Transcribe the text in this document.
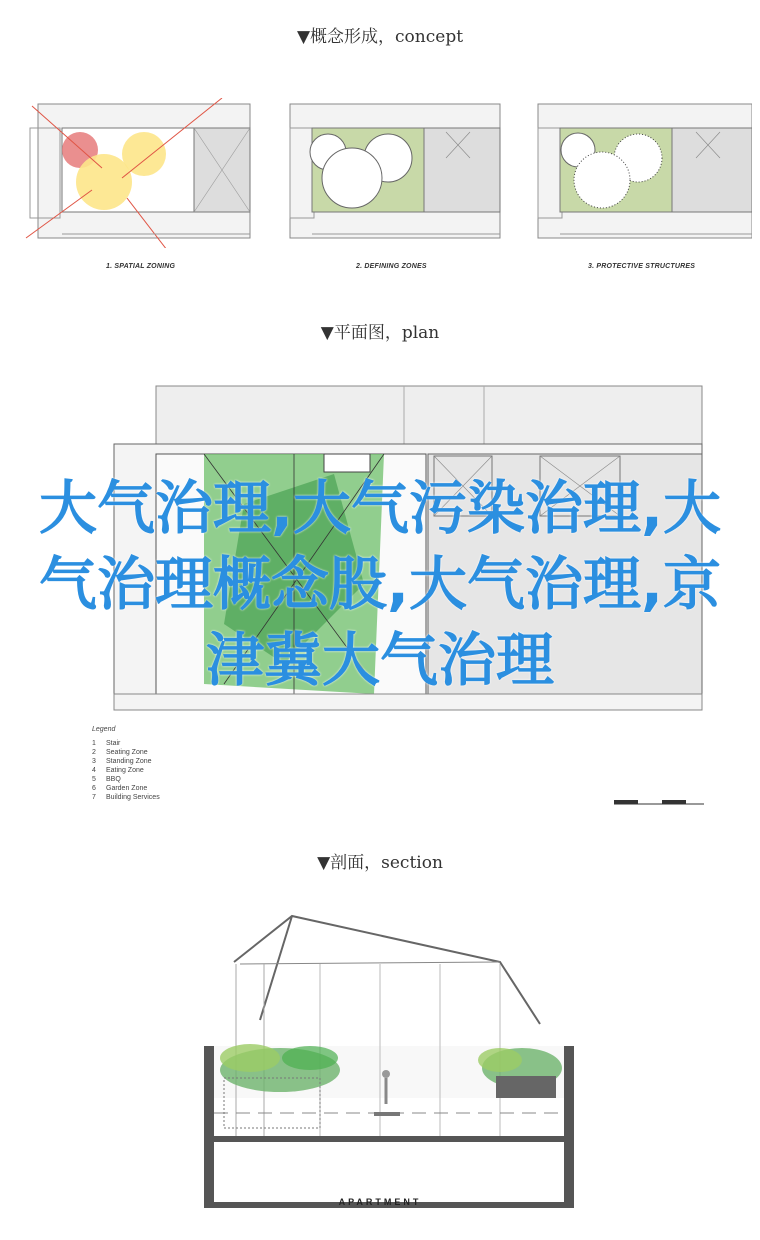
▼概念形成，concept
1. SPATIAL ZONING	2. DEFINING ZONES	3. PROTECTIVE STRUCTURES
▼平面图，plan
Legend
1 Stair
2 Seating Zone
3 Standing Zone
4 Eating Zone
5 BBQ
6 Garden Zone
7 Building Services
大气治理,大气污染治理,大气治理概念股,大气治理,京津冀大气治理
▼剖面，section
APARTMENT
